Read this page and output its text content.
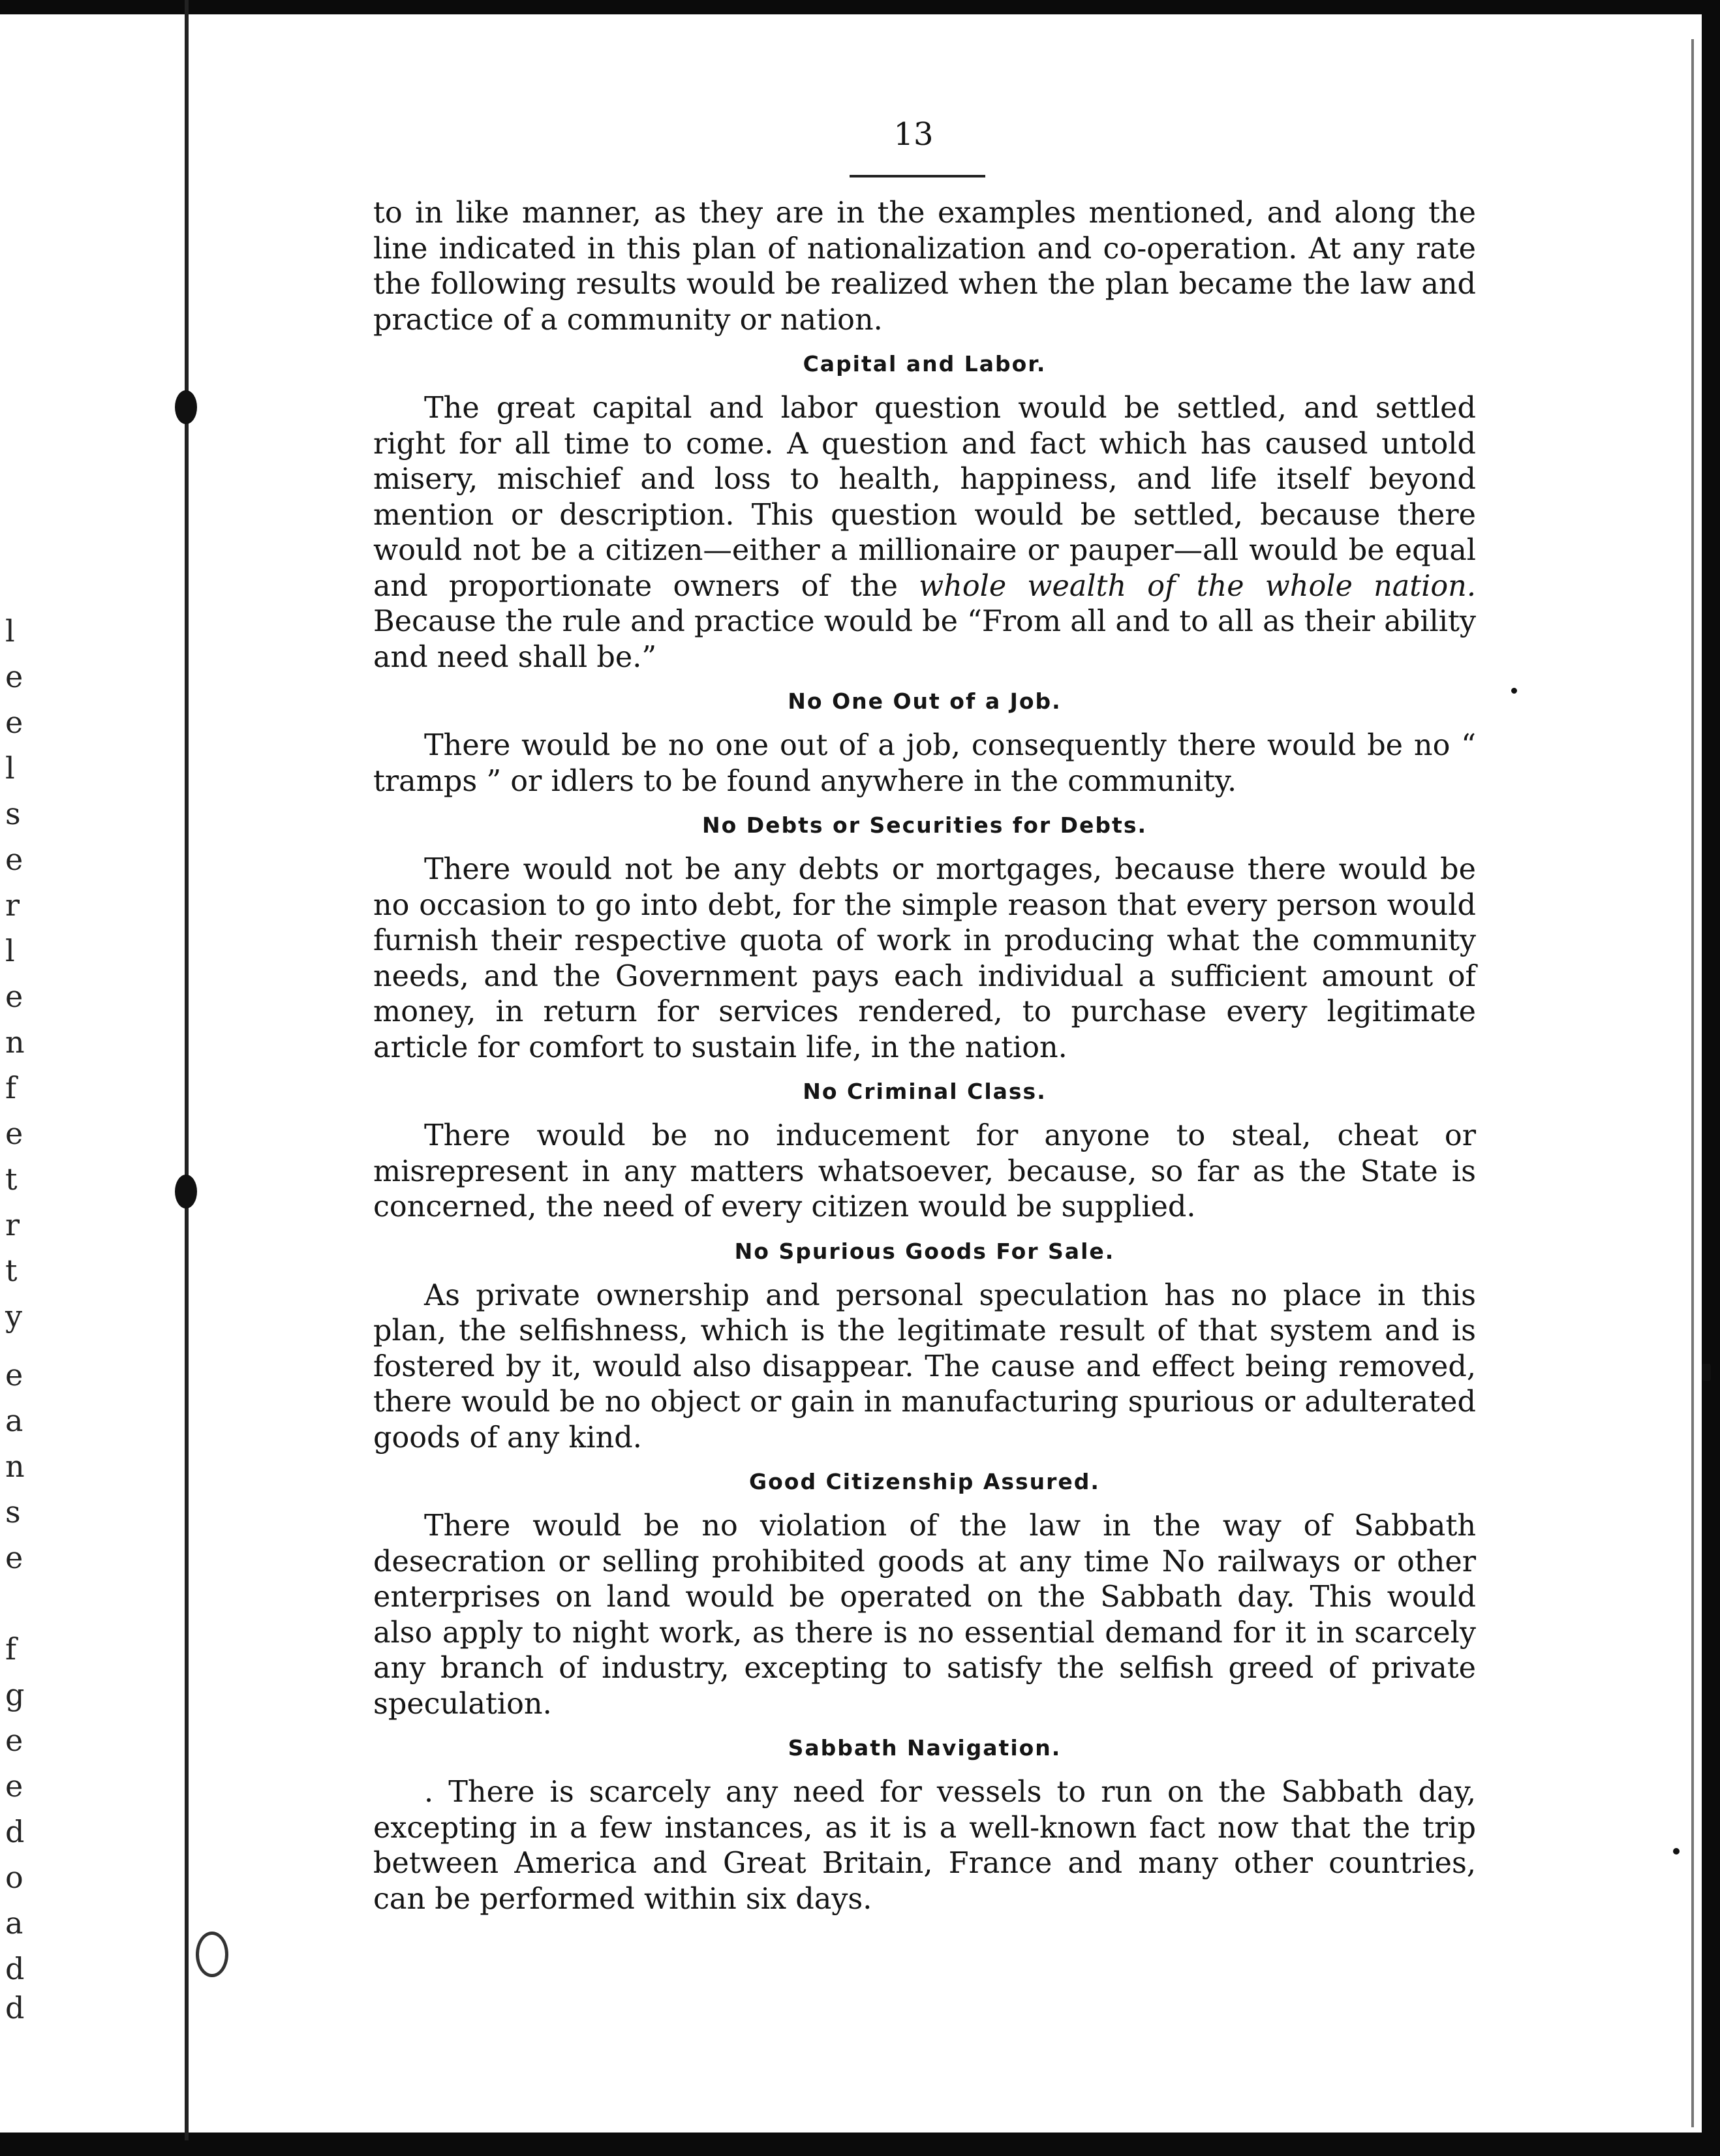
l
e
e
l
s
e
r
l
e
n
f
e
t
r
t
y
e
a
n
s
e
f
g
e
e
d
o
a
d
d
13

to in like manner, as they are in the examples mentioned, and along the line indicated in this plan of nationalization and co-operation. At any rate the following results would be realized when the plan became the law and practice of a community or nation.

Capital and Labor.

The great capital and labor question would be settled, and settled right for all time to come. A question and fact which has caused untold misery, mischief and loss to health, happiness, and life itself beyond mention or description. This question would be settled, because there would not be a citizen—either a millionaire or pauper—all would be equal and proportionate owners of the whole wealth of the whole nation. Because the rule and practice would be “From all and to all as their ability and need shall be.”

No One Out of a Job.

There would be no one out of a job, consequently there would be no “ tramps ” or idlers to be found anywhere in the community.

No Debts or Securities for Debts.

There would not be any debts or mortgages, because there would be no occasion to go into debt, for the simple reason that every person would furnish their respective quota of work in producing what the community needs, and the Government pays each individual a sufficient amount of money, in return for services rendered, to purchase every legitimate article for comfort to sustain life, in the nation.

No Criminal Class.

There would be no inducement for anyone to steal, cheat or misrepresent in any matters whatsoever, because, so far as the State is concerned, the need of every citizen would be supplied.

No Spurious Goods For Sale.

As private ownership and personal speculation has no place in this plan, the selfishness, which is the legitimate result of that system and is fostered by it, would also disappear. The cause and effect being removed, there would be no object or gain in manufacturing spurious or adulterated goods of any kind.

Good Citizenship Assured.

There would be no violation of the law in the way of Sabbath desecration or selling prohibited goods at any time No railways or other enterprises on land would be operated on the Sabbath day. This would also apply to night work, as there is no essential demand for it in scarcely any branch of industry, excepting to satisfy the selfish greed of private speculation.

Sabbath Navigation.

. There is scarcely any need for vessels to run on the Sabbath day, excepting in a few instances, as it is a well-known fact now that the trip between America and Great Britain, France and many other countries, can be performed within six days.
